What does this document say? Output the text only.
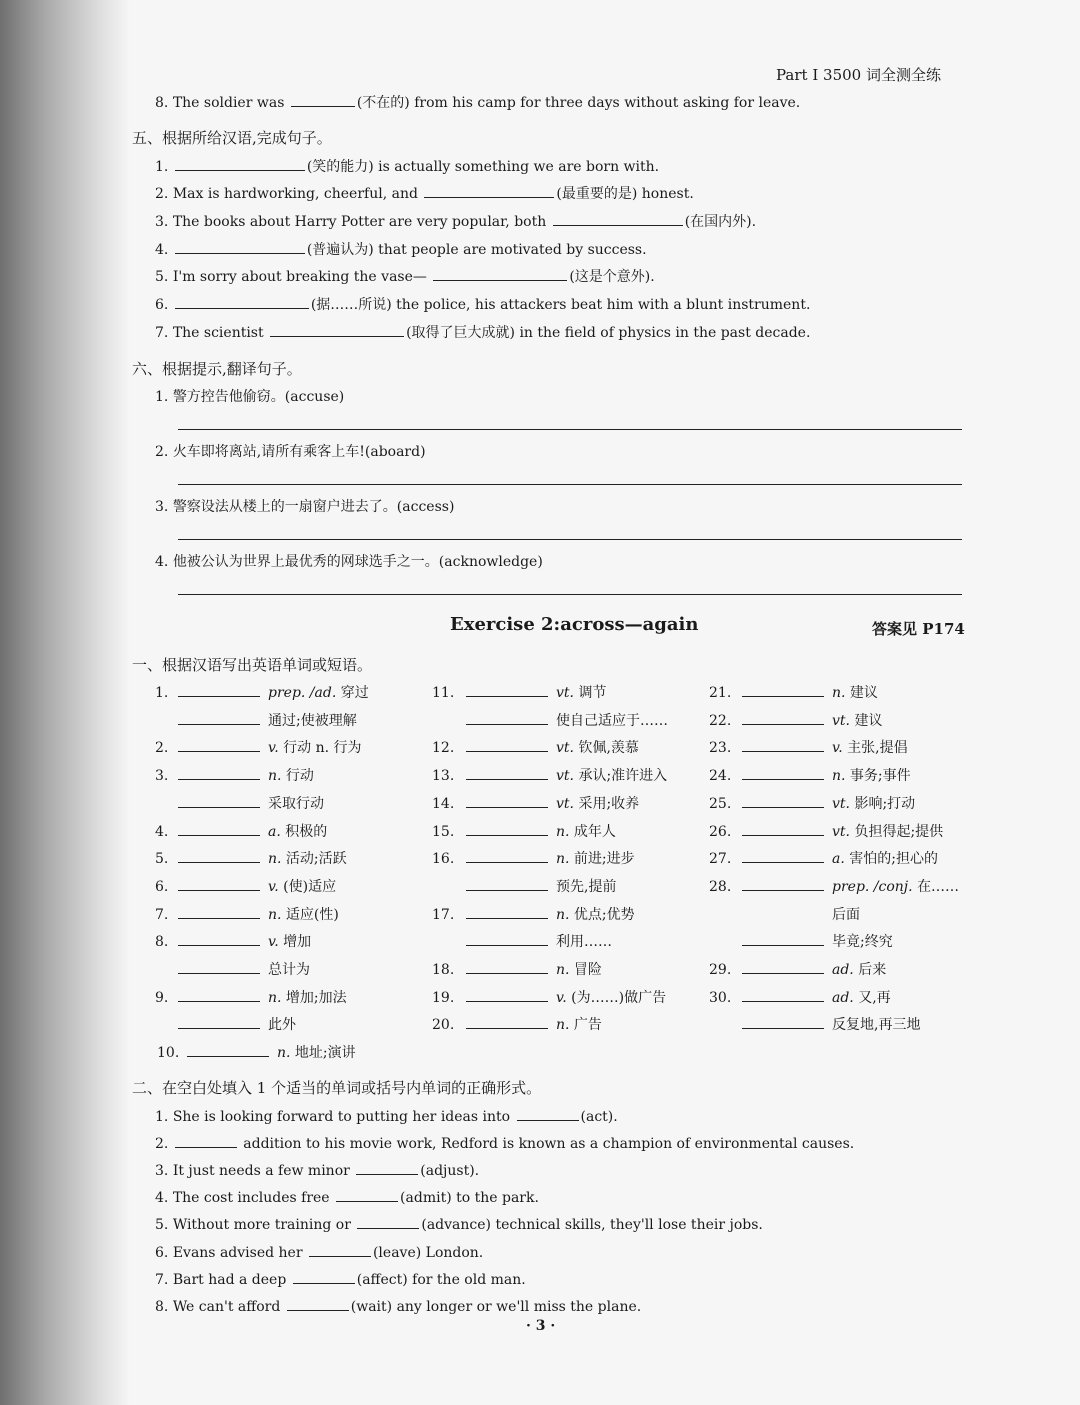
Part Ⅰ 3500 词全测全练
8. The soldier was	(不在的) from his camp for three days without asking for leave.
五、根据所给汉语,完成句子。
1.	(笑的能力) is actually something we are born with.
2. Max is hardworking, cheerful, and	(最重要的是) honest.
3. The books about Harry Potter are very popular, both	(在国内外).
4.	(普遍认为) that people are motivated by success.
5. I'm sorry about breaking the vase—	(这是个意外).
6.	(据……所说) the police, his attackers beat him with a blunt instrument.
7. The scientist	(取得了巨大成就) in the field of physics in the past decade.
六、根据提示,翻译句子。
1. 警方控告他偷窃。(accuse)
2. 火车即将离站,请所有乘客上车!(aboard)
3. 警察设法从楼上的一扇窗户进去了。(access)
4. 他被公认为世界上最优秀的网球选手之一。(acknowledge)
Exercise 2:across—again	答案见 P174
一、根据汉语写出英语单词或短语。
1.	prep. /ad. 穿过
通过;使被理解
2.	v. 行动 n. 行为
3.	n. 行动
采取行动
4.	a. 积极的
5.	n. 活动;活跃
6.	v. (使)适应
7.	n. 适应(性)
8.	v. 增加
总计为
9.	n. 增加;加法
此外
10.	n. 地址;演讲
11.	vt. 调节
使自己适应于……
12.	vt. 钦佩,羡慕
13.	vt. 承认;准许进入
14.	vt. 采用;收养
15.	n. 成年人
16.	n. 前进;进步
预先,提前
17.	n. 优点;优势
利用……
18.	n. 冒险
19.	v. (为……)做广告
20.	n. 广告
21.	n. 建议
22.	vt. 建议
23.	v. 主张,提倡
24.	n. 事务;事件
25.	vt. 影响;打动
26.	vt. 负担得起;提供
27.	a. 害怕的;担心的
28.	prep. /conj. 在……
后面
毕竟;终究
29.	ad. 后来
30.	ad. 又,再
反复地,再三地
二、在空白处填入 1 个适当的单词或括号内单词的正确形式。
1. She is looking forward to putting her ideas into	(act).
2.	addition to his movie work, Redford is known as a champion of environmental causes.
3. It just needs a few minor	(adjust).
4. The cost includes free	(admit) to the park.
5. Without more training or	(advance) technical skills, they'll lose their jobs.
6. Evans advised her	(leave) London.
7. Bart had a deep	(affect) for the old man.
8. We can't afford	(wait) any longer or we'll miss the plane.
· 3 ·
